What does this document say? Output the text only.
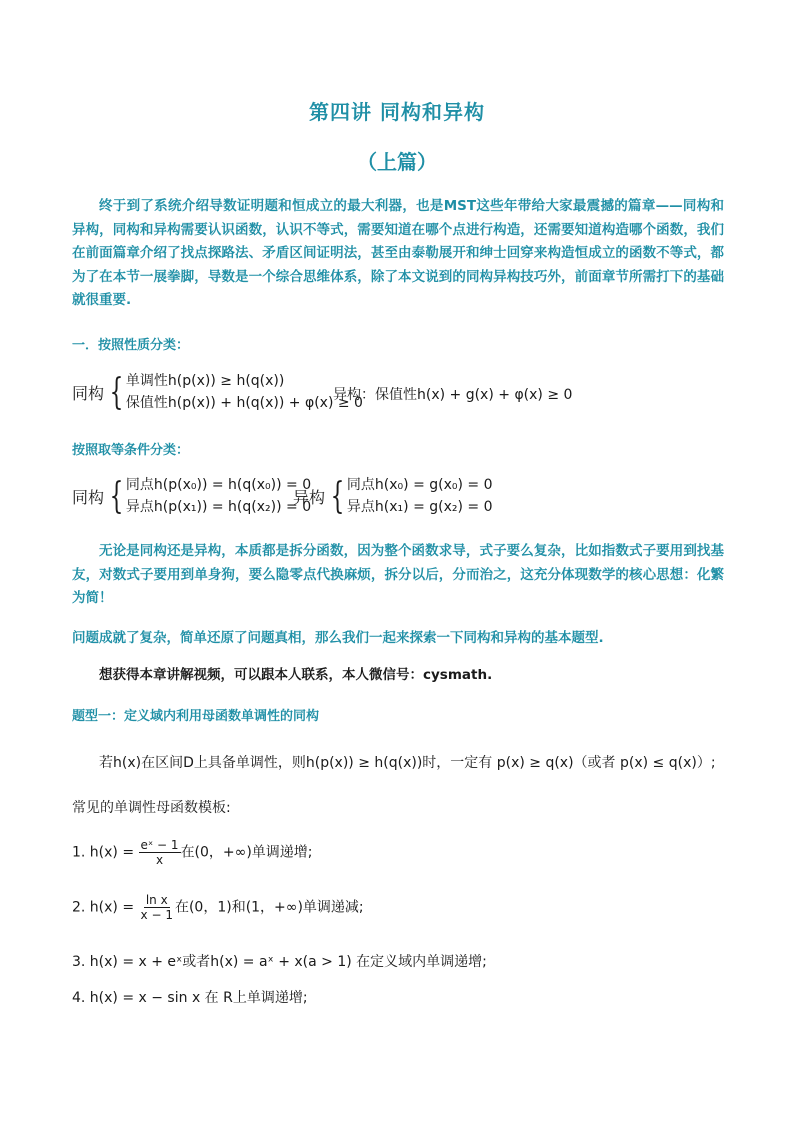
第四讲 同构和异构
（上篇）
终于到了系统介绍导数证明题和恒成立的最大利器，也是MST这些年带给大家最震撼的篇章——同构和异构，同构和异构需要认识函数，认识不等式，需要知道在哪个点进行构造，还需要知道构造哪个函数，我们在前面篇章介绍了找点探路法、矛盾区间证明法，甚至由泰勒展开和绅士回穿来构造恒成立的函数不等式，都为了在本节一展拳脚，导数是一个综合思维体系，除了本文说到的同构异构技巧外，前面章节所需打下的基础就很重要.
一．按照性质分类：
同构 { 单调性h(p(x)) ≥ h(q(x))
保值性h(p(x)) + h(q(x)) + φ(x) ≥ 0
异构：保值性h(x) + g(x) + φ(x) ≥ 0
按照取等条件分类：
同构 { 同点h(p(x₀)) = h(q(x₀)) = 0
异点h(p(x₁)) = h(q(x₂)) = 0
异构 { 同点h(x₀) = g(x₀) = 0
异点h(x₁) = g(x₂) = 0
无论是同构还是异构，本质都是拆分函数，因为整个函数求导，式子要么复杂，比如指数式子要用到找基友，对数式子要用到单身狗，要么隐零点代换麻烦，拆分以后，分而治之，这充分体现数学的核心思想：化繁为简！
问题成就了复杂，简单还原了问题真相，那么我们一起来探索一下同构和异构的基本题型.
想获得本章讲解视频，可以跟本人联系，本人微信号：cysmath.
题型一：定义域内利用母函数单调性的同构
若h(x)在区间D上具备单调性，则h(p(x)) ≥ h(q(x))时，一定有 p(x) ≥ q(x)（或者 p(x) ≤ q(x)）;
常见的单调性母函数模板:
1. $h(x) = \frac{\text{eˣ − 1}}{x}$ 在(0，+∞)单调递增;
2. $h(x) = \frac{\text{ln x}}{x - 1}$ 在(0，1)和(1，+∞)单调递减;
3. h(x) = x + eˣ或者h(x) = aˣ + x(a > 1) 在定义域内单调递增;
4. h(x) = x − sin x 在 R上单调递增;
